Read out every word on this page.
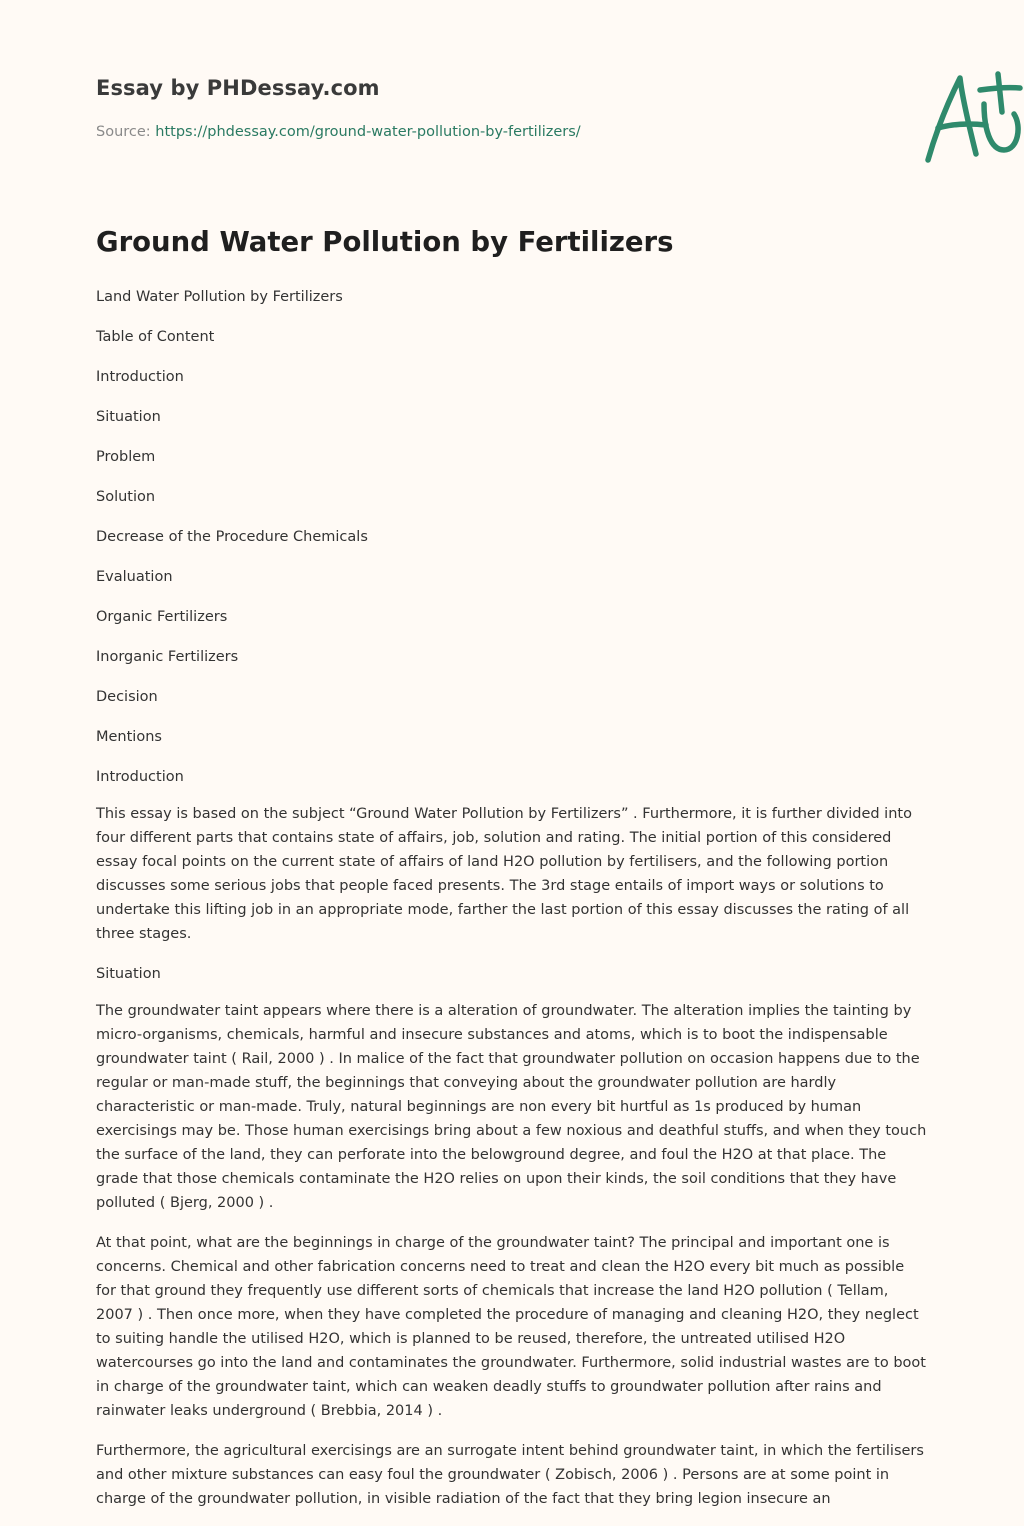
Essay by PHDessay.com
Source: https://phdessay.com/ground-water-pollution-by-fertilizers/
Ground Water Pollution by Fertilizers
Land Water Pollution by Fertilizers
Table of Content
Introduction
Situation
Problem
Solution
Decrease of the Procedure Chemicals
Evaluation
Organic Fertilizers
Inorganic Fertilizers
Decision
Mentions
Introduction

This essay is based on the subject “Ground Water Pollution by Fertilizers” . Furthermore, it is further divided into four different parts that contains state of affairs, job, solution and rating. The initial portion of this considered essay focal points on the current state of affairs of land H2O pollution by fertilisers, and the following portion discusses some serious jobs that people faced presents. The 3rd stage entails of import ways or solutions to undertake this lifting job in an appropriate mode, farther the last portion of this essay discusses the rating of all three stages.

Situation

The groundwater taint appears where there is a alteration of groundwater. The alteration implies the tainting by micro-organisms, chemicals, harmful and insecure substances and atoms, which is to boot the indispensable groundwater taint ( Rail, 2000 ) . In malice of the fact that groundwater pollution on occasion happens due to the regular or man-made stuff, the beginnings that conveying about the groundwater pollution are hardly characteristic or man-made. Truly, natural beginnings are non every bit hurtful as 1s produced by human exercisings may be. Those human exercisings bring about a few noxious and deathful stuffs, and when they touch the surface of the land, they can perforate into the belowground degree, and foul the H2O at that place. The grade that those chemicals contaminate the H2O relies on upon their kinds, the soil conditions that they have polluted ( Bjerg, 2000 ) .

At that point, what are the beginnings in charge of the groundwater taint? The principal and important one is concerns. Chemical and other fabrication concerns need to treat and clean the H2O every bit much as possible for that ground they frequently use different sorts of chemicals that increase the land H2O pollution ( Tellam, 2007 ) . Then once more, when they have completed the procedure of managing and cleaning H2O, they neglect to suiting handle the utilised H2O, which is planned to be reused, therefore, the untreated utilised H2O watercourses go into the land and contaminates the groundwater. Furthermore, solid industrial wastes are to boot in charge of the groundwater taint, which can weaken deadly stuffs to groundwater pollution after rains and rainwater leaks underground ( Brebbia, 2014 ) .

Furthermore, the agricultural exercisings are an surrogate intent behind groundwater taint, in which the fertilisers and other mixture substances can easy foul the groundwater ( Zobisch, 2006 ) . Persons are at some point in charge of the groundwater pollution, in visible radiation of the fact that they bring legion insecure an
